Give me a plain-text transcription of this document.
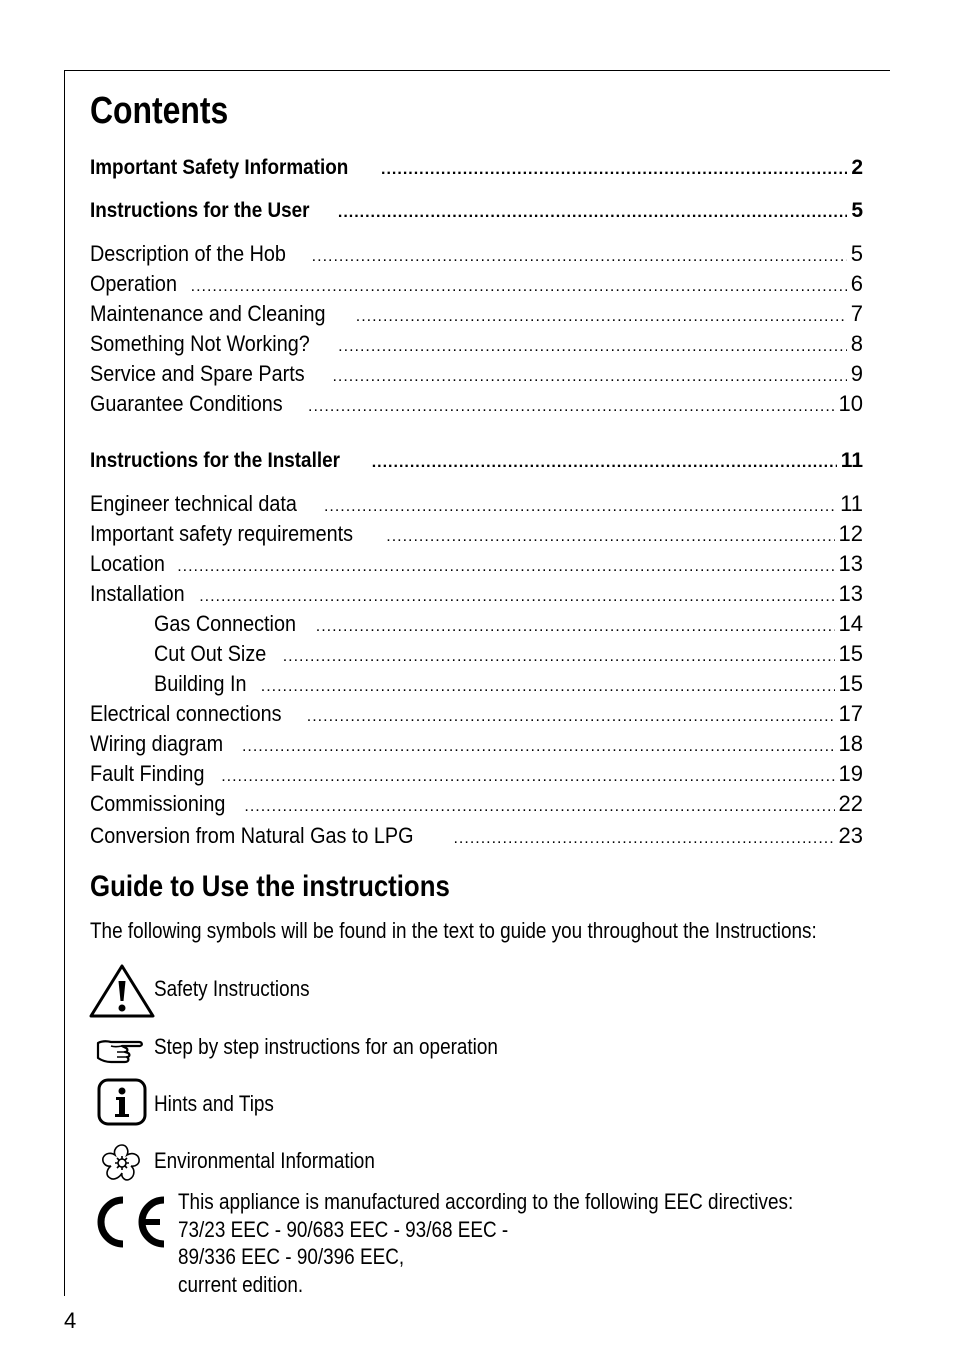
Contents
Important Safety Information .....	2
Instructions for the User .....	5
Description of the Hob .....	5
Operation .....	6
Maintenance and Cleaning .....	7
Something Not Working? .....	8
Service and Spare Parts .....	9
Guarantee Conditions .....	10
Instructions for the Installer .....	11
Engineer technical data .....	11
Important safety requirements .....	12
Location .....	13
Installation .....	13
Gas Connection .....	14
Cut Out Size .....	15
Building In .....	15
Electrical connections .....	17
Wiring diagram .....	18
Fault Finding .....	19
Commissioning .....	22
Conversion from Natural Gas to LPG .....	23
Guide to Use the instructions
The following symbols will be found in the text to guide you throughout the Instructions:
Safety Instructions
Step by step instructions for an operation
Hints and Tips
Environmental Information
This appliance is manufactured according to the following EEC directives:
73/23 EEC - 90/683 EEC - 93/68 EEC -
89/336 EEC - 90/396 EEC,
current edition.
4
